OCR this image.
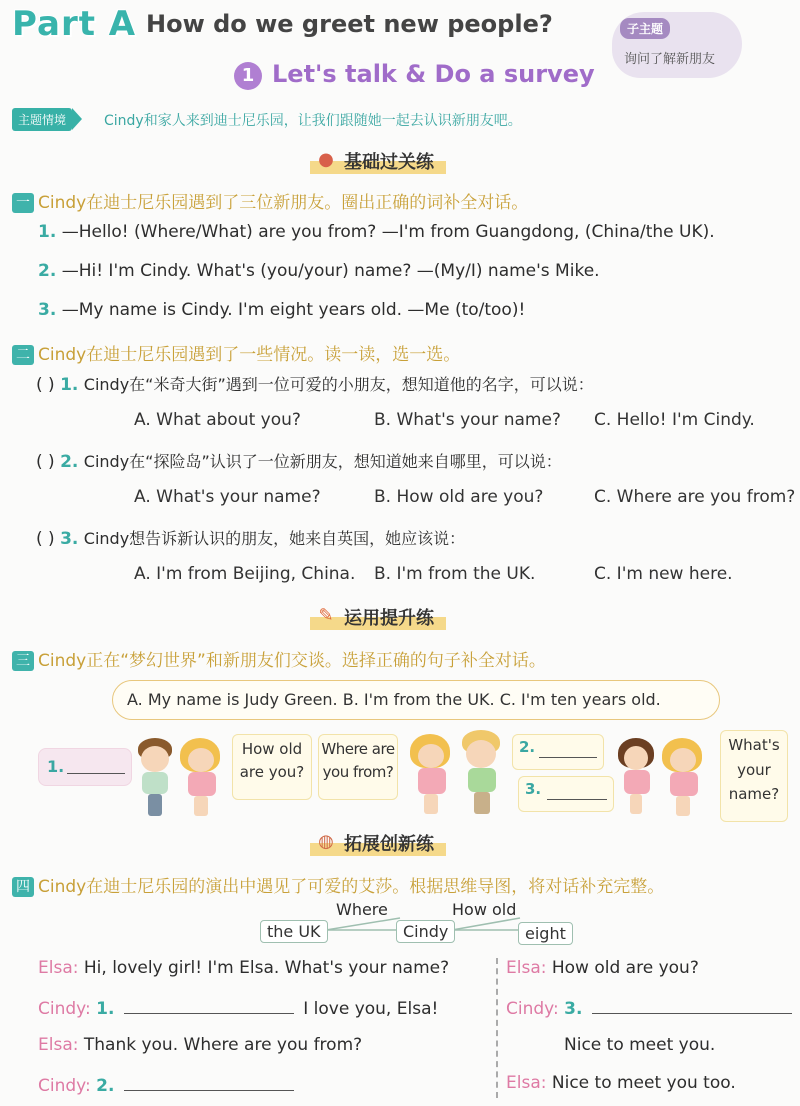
Part A How do we greet new people?	子主题
询问了解新朋友
1 Let's talk & Do a survey
主题情境	Cindy和家人来到迪士尼乐园，让我们跟随她一起去认识新朋友吧。
● 基础过关练
一 Cindy在迪士尼乐园遇到了三位新朋友。圈出正确的词补全对话。
1. —Hello! (Where/What) are you from? —I'm from Guangdong, (China/the UK).
2. —Hi! I'm Cindy. What's (you/your) name? —(My/I) name's Mike.
3. —My name is Cindy. I'm eight years old. —Me (to/too)!
二 Cindy在迪士尼乐园遇到了一些情况。读一读，选一选。
( ) 1. Cindy在“米奇大街”遇到一位可爱的小朋友，想知道他的名字，可以说：
A. What about you?	B. What's your name? C. Hello! I'm Cindy.
( ) 2. Cindy在“探险岛”认识了一位新朋友，想知道她来自哪里，可以说：
A. What's your name?	B. How old are you?	C. Where are you from?
( ) 3. Cindy想告诉新认识的朋友，她来自英国，她应该说：
A. I'm from Beijing, China. B. I'm from the UK.	C. I'm new here.
✎ 运用提升练
三 Cindy正在“梦幻世界”和新朋友们交谈。选择正确的句子补全对话。
A. My name is Judy Green. B. I'm from the UK. C. I'm ten years old.
1.
How old
are you?
Where are
you from?
2.
3.
What's
your
name?
◍ 拓展创新练
四 Cindy在迪士尼乐园的演出中遇见了可爱的艾莎。根据思维导图，将对话补充完整。
Where	How old
the UK	Cindy	eight
Elsa: Hi, lovely girl! I'm Elsa. What's your name?
Cindy: 1.	I love you, Elsa!
Elsa: Thank you. Where are you from?
Cindy: 2.
Elsa: How old are you?
Cindy: 3.
Nice to meet you.
Elsa: Nice to meet you too.
